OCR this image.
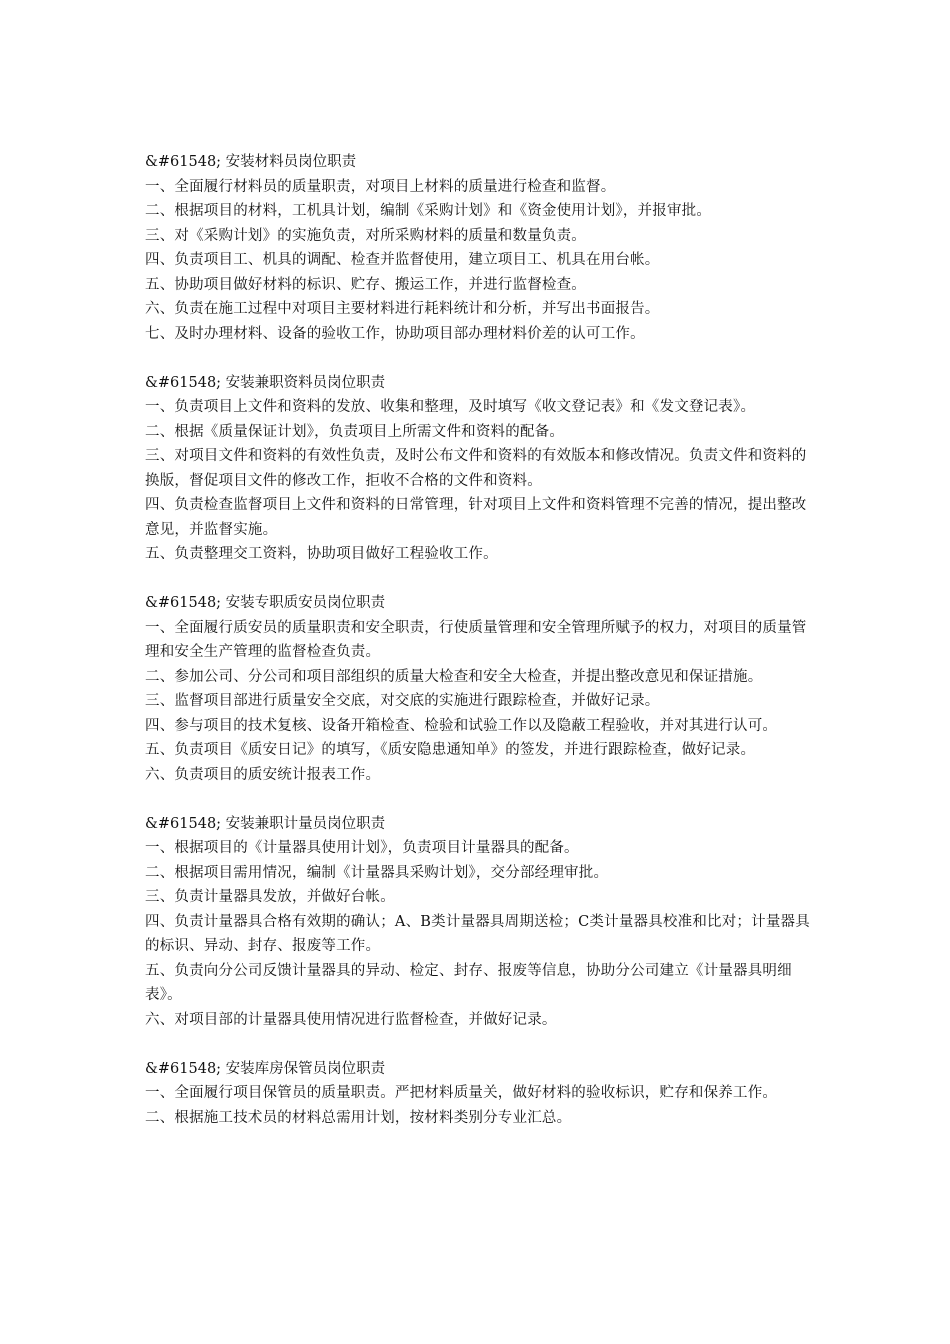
&#61548; 安装材料员岗位职责
一、全面履行材料员的质量职责，对项目上材料的质量进行检查和监督。
二、根据项目的材料，工机具计划，编制《采购计划》和《资金使用计划》，并报审批。
三、对《采购计划》的实施负责，对所采购材料的质量和数量负责。
四、负责项目工、机具的调配、检查并监督使用，建立项目工、机具在用台帐。
五、协助项目做好材料的标识、贮存、搬运工作，并进行监督检查。
六、负责在施工过程中对项目主要材料进行耗料统计和分析，并写出书面报告。
七、及时办理材料、设备的验收工作，协助项目部办理材料价差的认可工作。
&#61548; 安装兼职资料员岗位职责
一、负责项目上文件和资料的发放、收集和整理，及时填写《收文登记表》和《发文登记表》。
二、根据《质量保证计划》，负责项目上所需文件和资料的配备。
三、对项目文件和资料的有效性负责，及时公布文件和资料的有效版本和修改情况。负责文件和资料的换版，督促项目文件的修改工作，拒收不合格的文件和资料。
四、负责检查监督项目上文件和资料的日常管理，针对项目上文件和资料管理不完善的情况，提出整改意见，并监督实施。
五、负责整理交工资料，协助项目做好工程验收工作。
&#61548; 安装专职质安员岗位职责
一、全面履行质安员的质量职责和安全职责，行使质量管理和安全管理所赋予的权力，对项目的质量管理和安全生产管理的监督检查负责。
二、参加公司、分公司和项目部组织的质量大检查和安全大检查，并提出整改意见和保证措施。
三、监督项目部进行质量安全交底，对交底的实施进行跟踪检查，并做好记录。
四、参与项目的技术复核、设备开箱检查、检验和试验工作以及隐蔽工程验收，并对其进行认可。
五、负责项目《质安日记》的填写，《质安隐患通知单》的签发，并进行跟踪检查，做好记录。
六、负责项目的质安统计报表工作。
&#61548; 安装兼职计量员岗位职责
一、根据项目的《计量器具使用计划》，负责项目计量器具的配备。
二、根据项目需用情况，编制《计量器具采购计划》，交分部经理审批。
三、负责计量器具发放，并做好台帐。
四、负责计量器具合格有效期的确认；A、B类计量器具周期送检；C类计量器具校准和比对；计量器具的标识、异动、封存、报废等工作。
五、负责向分公司反馈计量器具的异动、检定、封存、报废等信息，协助分公司建立《计量器具明细表》。
六、对项目部的计量器具使用情况进行监督检查，并做好记录。
&#61548; 安装库房保管员岗位职责
一、全面履行项目保管员的质量职责。严把材料质量关，做好材料的验收标识，贮存和保养工作。
二、根据施工技术员的材料总需用计划，按材料类别分专业汇总。
